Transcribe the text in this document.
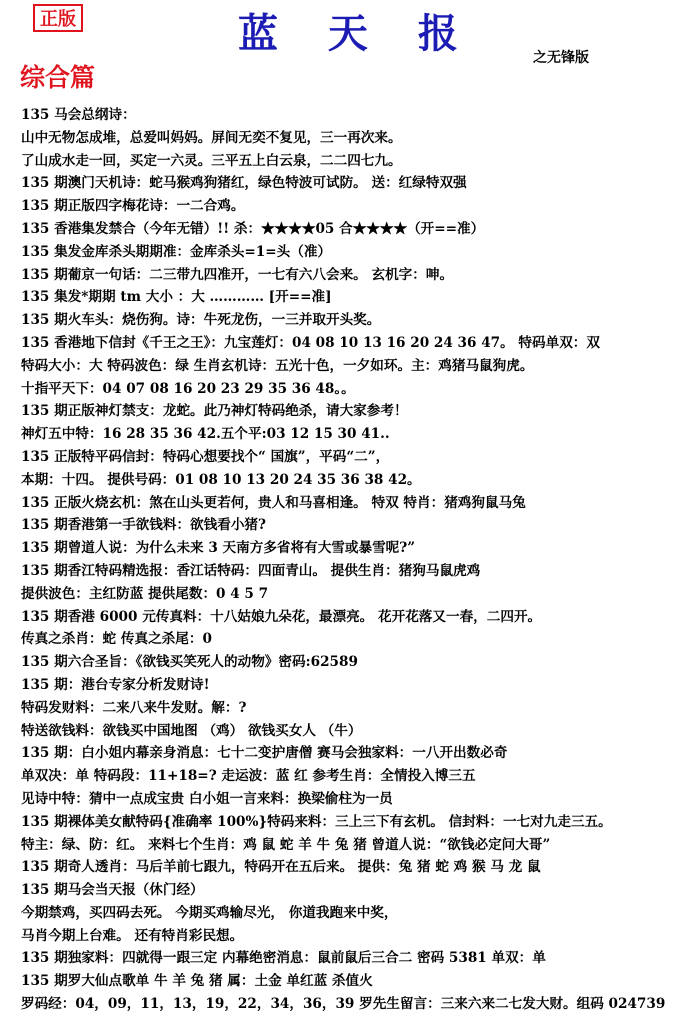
正版	蓝 天 报
之无锋版
综合篇
135 马会总纲诗：
山中无物怎成堆，总爱叫妈妈。屏间无奕不复见，三一再次来。
了山成水走一回，买定一六灵。三平五上白云泉，二二四七九。
135 期澳门天机诗：蛇马猴鸡狗猪红，绿色特波可试防。 送：红绿特双强
135 期正版四字梅花诗：一二合鸡。
135 香港集发禁合（今年无错）!! 杀：★★★★05 合★★★★（开==准）
135 集发金库杀头期期准：金库杀头=1=头（准）
135 期葡京一句话：二三带九四准开，一七有六八会来。 玄机字：呻。
135 集发*期期 tm 大小 ：大 ………… [开==准]
135 期火车头：烧伤狗。诗：牛死龙伤，一三并取开头奖。
135 香港地下信封《千王之王》：九宝莲灯：04 08 10 13 16 20 24 36 47。 特码单双：双
特码大小：大 特码波色：绿 生肖玄机诗：五光十色，一夕如环。主：鸡猪马鼠狗虎。
十指平天下：04 07 08 16 20 23 29 35 36 48。。
135 期正版神灯禁支：龙蛇。此乃神灯特码绝杀，请大家参考！
神灯五中特：16 28 35 36 42.五个平:03 12 15 30 41..
135 正版特平码信封：特码心想要找个“ 国旗”，平码“二”，
本期：十四。 提供号码：01 08 10 13 20 24 35 36 38 42。
135 正版火烧玄机：煞在山头更若何，贵人和马喜相逢。 特双 特肖：猪鸡狗鼠马兔
135 期香港第一手欲钱料：欲钱看小猪?
135 期曾道人说：为什么未来 3 天南方多省将有大雪或暴雪呢?”
135 期香江特码精选报：香江话特码：四面青山。 提供生肖：猪狗马鼠虎鸡
提供波色：主红防蓝 提供尾数：0 4 5 7
135 期香港 6000 元传真料：十八姑娘九朵花，最漂亮。 花开花落又一春，二四开。
传真之杀肖：蛇 传真之杀尾：0
135 期六合圣旨：《欲钱买笑死人的动物》密码:62589
135 期：港台专家分析发财诗!
特码发财料：二来八来牛发财。解：?
特送欲钱料：欲钱买中国地图 （鸡） 欲钱买女人 （牛）
135 期：白小姐内幕亲身消息：七十二变护唐僧 赛马会独家料：一八开出数必奇
单双决：单 特码段：11+18=? 走运波：蓝 红 参考生肖：全情投入博三五
见诗中特：猜中一点成宝贵 白小姐一言来料：换梁偷柱为一员
135 期裸体美女献特码{准确率 100%}特码来料：三上三下有玄机。 信封料：一七对九走三五。
特主：绿、防：红。 来料七个生肖：鸡 鼠 蛇 羊 牛 兔 猪 曾道人说：“欲钱必定问大哥”
135 期奇人透肖：马后羊前七跟九，特码开在五后来。 提供：兔 猪 蛇 鸡 猴 马 龙 鼠
135 期马会当天报（休门经）
今期禁鸡，买四码去死。 今期买鸡输尽光， 你道我跑来中奖，
马肖今期上台难。 还有特肖彩民想。
135 期独家料：四就得一跟三定 内幕绝密消息：鼠前鼠后三合二 密码 5381 单双：单
135 期罗大仙点歌单 牛 羊 兔 猪 属：土金 单红蓝 杀值火
罗码经：04，09，11，13，19，22，34，36，39 罗先生留言：三来六来二七发大财。组码 024739
